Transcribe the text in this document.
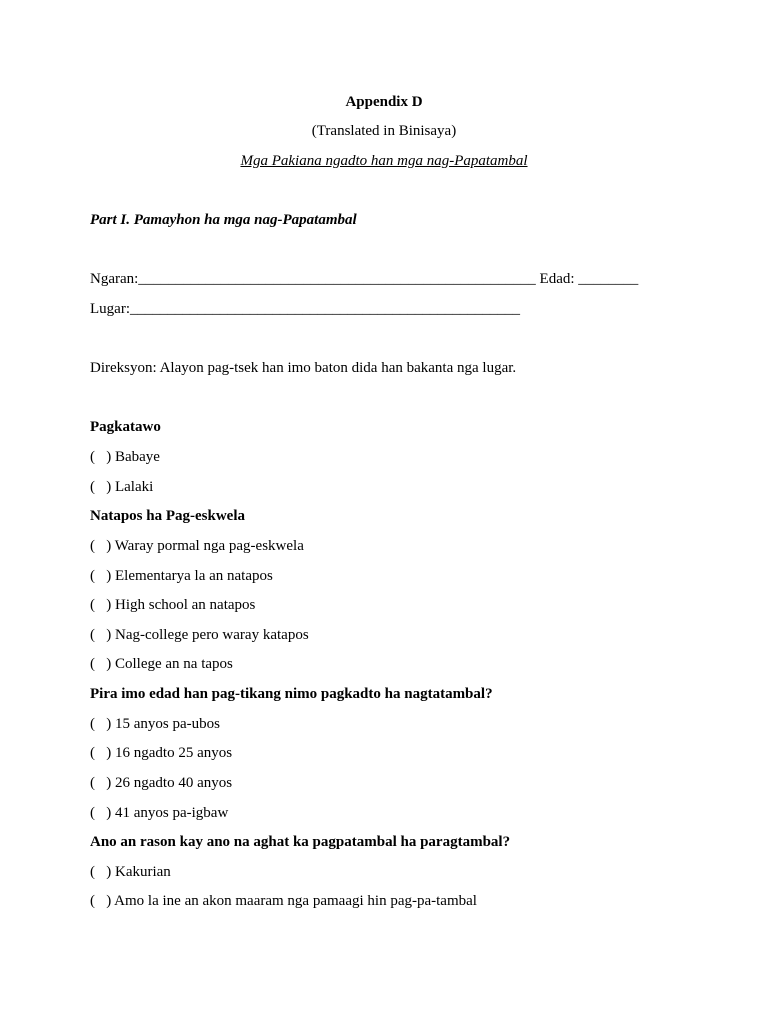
Appendix D
(Translated in Binisaya)
Mga Pakiana ngadto han mga nag-Papatambal
Part I. Pamayhon ha mga nag-Papatambal
Ngaran:_____________________________________________________ Edad: ________
Lugar:____________________________________________________
Direksyon: Alayon pag-tsek han imo baton dida han bakanta nga lugar.
Pagkatawo
(   ) Babaye
(   ) Lalaki
Natapos ha Pag-eskwela
(   ) Waray pormal nga pag-eskwela
(   ) Elementarya la an natapos
(   ) High school an natapos
(   ) Nag-college pero waray katapos
(   ) College an na tapos
Pira imo edad han pag-tikang nimo pagkadto ha nagtatambal?
(   ) 15 anyos pa-ubos
(   ) 16 ngadto 25 anyos
(   ) 26 ngadto 40 anyos
(   ) 41 anyos pa-igbaw
Ano an rason kay ano na aghat ka pagpatambal ha paragtambal?
(   ) Kakurian
(   ) Amo la ine an akon maaram nga pamaagi hin pag-pa-tambal
